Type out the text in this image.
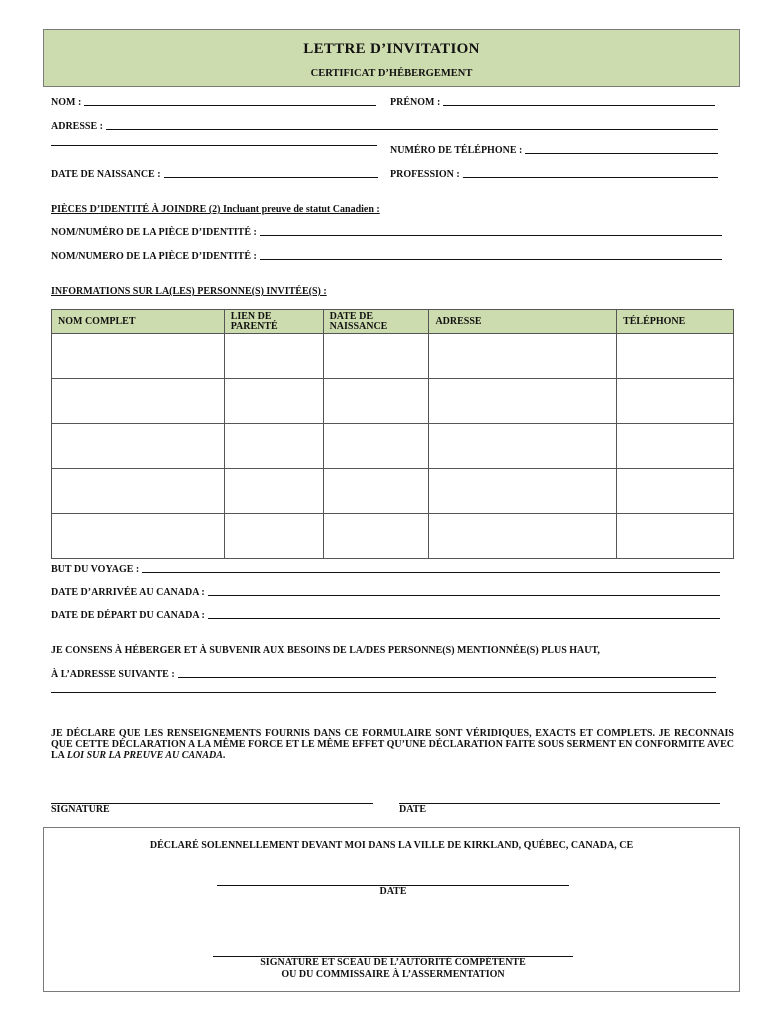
LETTRE D’INVITATION
CERTIFICAT D’HÉBERGEMENT
NOM :	PRÉNOM :
ADRESSE :
NUMÉRO DE TÉLÉPHONE :
DATE DE NAISSANCE :	PROFESSION :
PIÈCES D’IDENTITÉ À JOINDRE (2) Incluant preuve de statut Canadien :
NOM/NUMÉRO DE LA PIÈCE D’IDENTITÉ :
NOM/NUMERO DE LA PIÈCE D’IDENTITÉ :
INFORMATIONS SUR LA(LES) PERSONNE(S) INVITÉE(S) :
NOM COMPLET	LIEN DE PARENTÉ	DATE DE NAISSANCE	ADRESSE	TÉLÉPHONE

BUT DU VOYAGE :
DATE D’ARRIVÉE AU CANADA :
DATE DE DÉPART DU CANADA :
JE CONSENS À HÉBERGER ET À SUBVENIR AUX BESOINS DE LA/DES PERSONNE(S) MENTIONNÉE(S) PLUS HAUT,
À L’ADRESSE SUIVANTE :
JE DÉCLARE QUE LES RENSEIGNEMENTS FOURNIS DANS CE FORMULAIRE SONT VÉRIDIQUES, EXACTS ET COMPLETS. JE RECONNAIS QUE CETTE DÉCLARATION A LA MÊME FORCE ET LE MÊME EFFET QU’UNE DÉCLARATION FAITE SOUS SERMENT EN CONFORMITE AVEC LA LOI SUR LA PREUVE AU CANADA.
SIGNATURE	DATE
DÉCLARÉ SOLENNELLEMENT DEVANT MOI DANS LA VILLE DE KIRKLAND, QUÉBEC, CANADA, CE
DATE
SIGNATURE ET SCEAU DE L’AUTORITÉ COMPÉTENTE
OU DU COMMISSAIRE À L’ASSERMENTATION
